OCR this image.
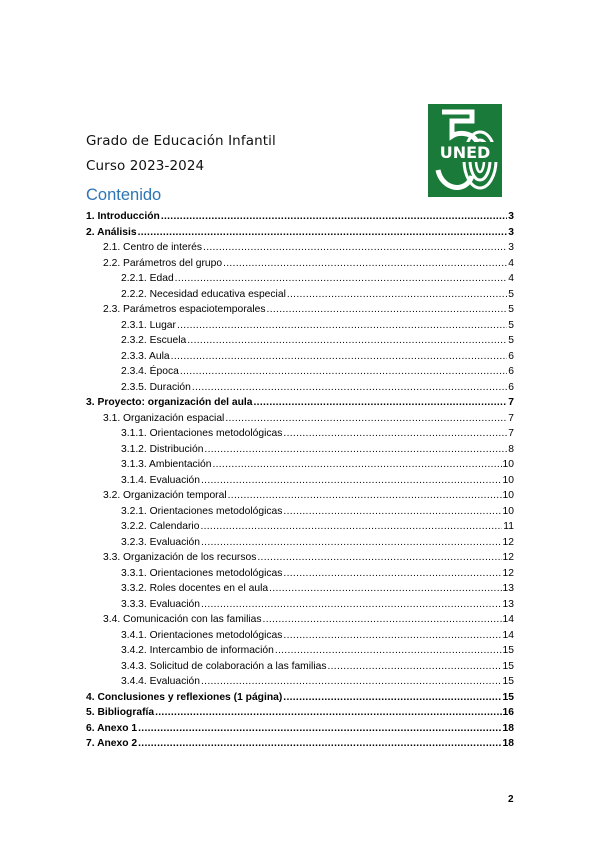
Grado de Educación Infantil
Curso 2023-2024
UNED
Contenido
1. Introducción .....	3
2. Análisis .....	3
2.1. Centro de interés .....	3
2.2. Parámetros del grupo .....	4
2.2.1. Edad .....	4
2.2.2. Necesidad educativa especial .....	5
2.3. Parámetros espaciotemporales .....	5
2.3.1. Lugar .....	5
2.3.2. Escuela .....	5
2.3.3. Aula .....	6
2.3.4. Época .....	6
2.3.5. Duración .....	6
3. Proyecto: organización del aula .....	7
3.1. Organización espacial .....	7
3.1.1. Orientaciones metodológicas .....	7
3.1.2. Distribución .....	8
3.1.3. Ambientación .....	10
3.1.4. Evaluación .....	10
3.2. Organización temporal .....	10
3.2.1. Orientaciones metodológicas .....	10
3.2.2. Calendario .....	11
3.2.3. Evaluación .....	12
3.3. Organización de los recursos .....	12
3.3.1. Orientaciones metodológicas .....	12
3.3.2. Roles docentes en el aula .....	13
3.3.3. Evaluación .....	13
3.4. Comunicación con las familias .....	14
3.4.1. Orientaciones metodológicas .....	14
3.4.2. Intercambio de información .....	15
3.4.3. Solicitud de colaboración a las familias .....	15
3.4.4. Evaluación .....	15
4. Conclusiones y reflexiones (1 página) .....	15
5. Bibliografía .....	16
6. Anexo 1 .....	18
7. Anexo 2 .....	18
2
